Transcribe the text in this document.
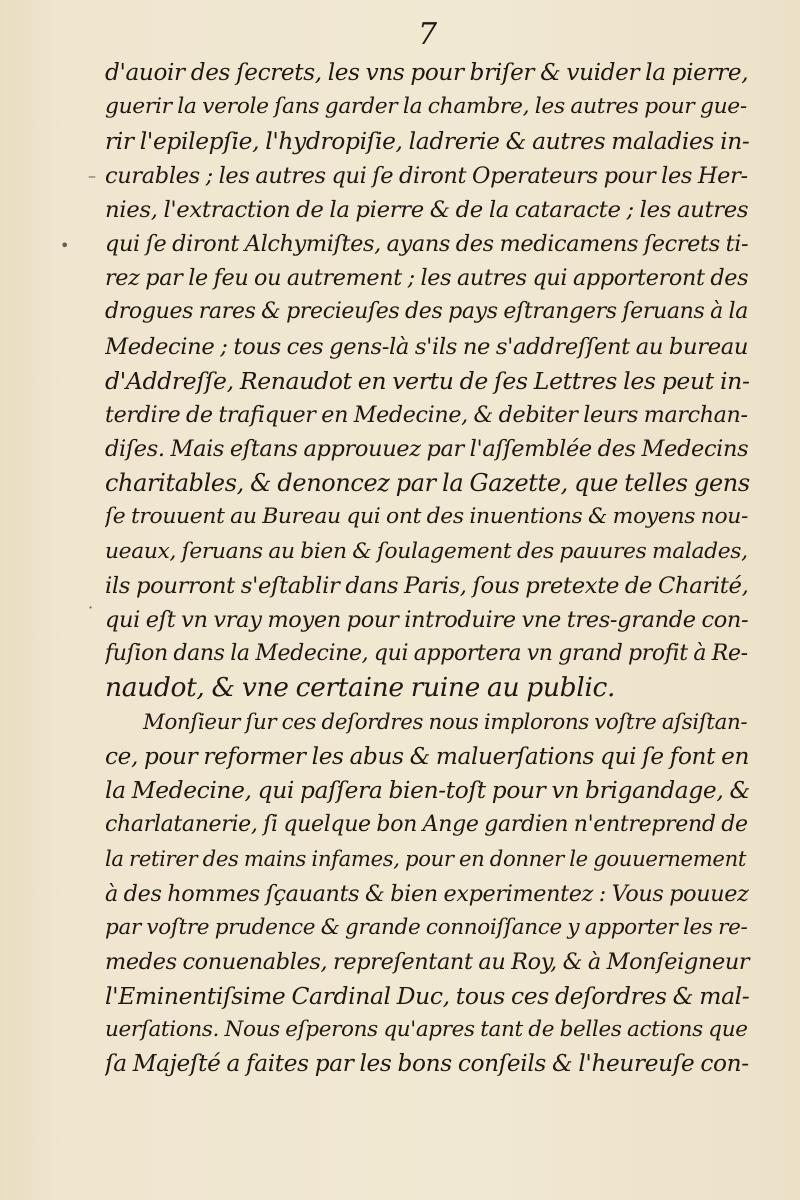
7
–
•
·
d'auoir des ſecrets, les vns pour briſer & vuider la pierre,
guerir la verole ſans garder la chambre, les autres pour gue-
rir l'epilepſie, l'hydropiſie, ladrerie & autres maladies in-
curables ; les autres qui ſe diront Operateurs pour les Her-
nies, l'extraction de la pierre & de la cataracte ; les autres
qui ſe diront Alchymiſtes, ayans des medicamens ſecrets ti-
rez par le feu ou autrement ; les autres qui apporteront des
drogues rares & precieuſes des pays eſtrangers ſeruans à la
Medecine ; tous ces gens-là s'ils ne s'addreſſent au bureau
d'Addreſſe, Renaudot en vertu de ſes Lettres les peut in-
terdire de trafiquer en Medecine, & debiter leurs marchan-
diſes. Mais eſtans approuuez par l'aſſemblée des Medecins
charitables, & denoncez par la Gazette, que telles gens
ſe trouuent au Bureau qui ont des inuentions & moyens nou-
ueaux, ſeruans au bien & ſoulagement des pauures malades,
ils pourront s'eſtablir dans Paris, ſous pretexte de Charité,
qui eſt vn vray moyen pour introduire vne tres-grande con-
fuſion dans la Medecine, qui apportera vn grand profit à Re-
naudot, & vne certaine ruine au public.
Monſieur ſur ces deſordres nous implorons voſtre aſsiſtan-
ce, pour reformer les abus & maluerſations qui ſe font en
la Medecine, qui paſſera bien-toſt pour vn brigandage, &
charlatanerie, ſi quelque bon Ange gardien n'entreprend de
la retirer des mains infames, pour en donner le gouuernement
à des hommes ſçauants & bien experimentez : Vous pouuez
par voſtre prudence & grande connoiſſance y apporter les re-
medes conuenables, repreſentant au Roy, & à Monſeigneur
l'Eminentiſsime Cardinal Duc, tous ces deſordres & mal-
uerſations. Nous eſperons qu'apres tant de belles actions que
ſa Majeſté a faites par les bons conſeils & l'heureuſe con-
